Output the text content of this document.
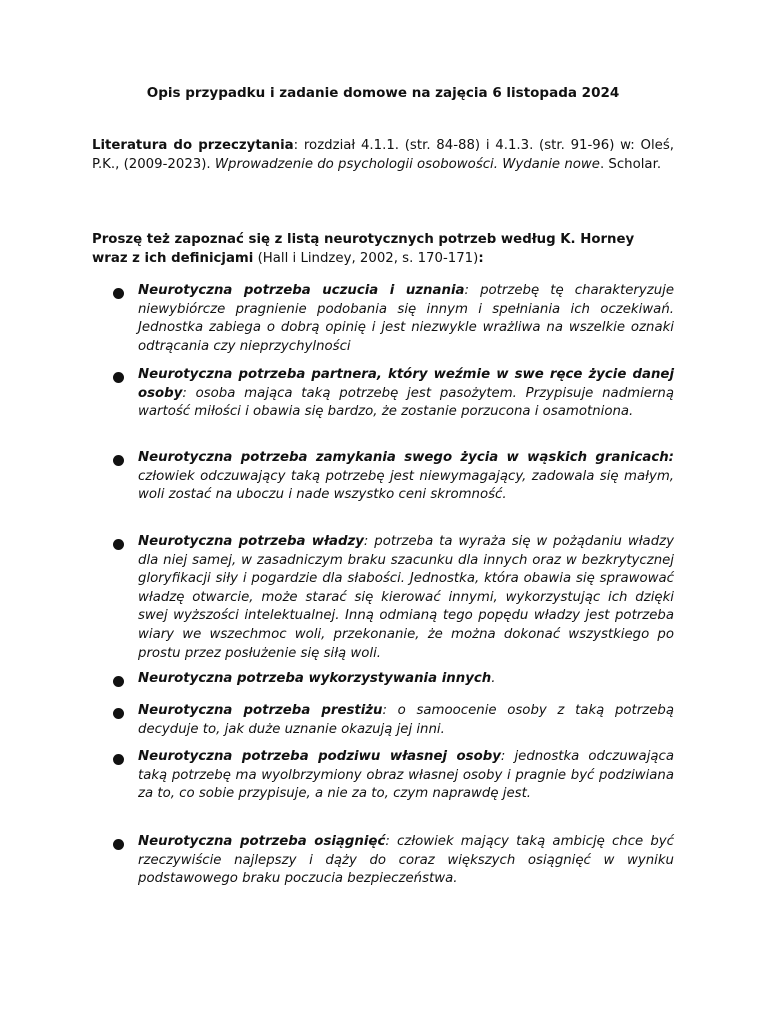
Opis przypadku i zadanie domowe na zajęcia 6 listopada 2024
Literatura do przeczytania: rozdział 4.1.1. (str. 84-88) i 4.1.3. (str. 91-96) w: Oleś, P.K., (2009-2023). Wprowadzenie do psychologii osobowości. Wydanie nowe. Scholar.
Proszę też zapoznać się z listą neurotycznych potrzeb według K. Horney wraz z ich definicjami (Hall i Lindzey, 2002, s. 170-171):
Neurotyczna potrzeba uczucia i uznania: potrzebę tę charakteryzuje niewybiórcze pragnienie podobania się innym i spełniania ich oczekiwań. Jednostka zabiega o dobrą opinię i jest niezwykle wrażliwa na wszelkie oznaki odtrącania czy nieprzychylności
Neurotyczna potrzeba partnera, który weźmie w swe ręce życie danej osoby: osoba mająca taką potrzebę jest pasożytem. Przypisuje nadmierną wartość miłości i obawia się bardzo, że zostanie porzucona i osamotniona.
Neurotyczna potrzeba zamykania swego życia w wąskich granicach: człowiek odczuwający taką potrzebę jest niewymagający, zadowala się małym, woli zostać na uboczu i nade wszystko ceni skromność.
Neurotyczna potrzeba władzy: potrzeba ta wyraża się w pożądaniu władzy dla niej samej, w zasadniczym braku szacunku dla innych oraz w bezkrytycznej gloryfikacji siły i pogardzie dla słabości. Jednostka, która obawia się sprawować władzę otwarcie, może starać się kierować innymi, wykorzystując ich dzięki swej wyższości intelektualnej. Inną odmianą tego popędu władzy jest potrzeba wiary we wszechmoc woli, przekonanie, że można dokonać wszystkiego po prostu przez posłużenie się siłą woli.
Neurotyczna potrzeba wykorzystywania innych.
Neurotyczna potrzeba prestiżu: o samoocenie osoby z taką potrzebą decyduje to, jak duże uznanie okazują jej inni.
Neurotyczna potrzeba podziwu własnej osoby: jednostka odczuwająca taką potrzebę ma wyolbrzymiony obraz własnej osoby i pragnie być podziwiana za to, co sobie przypisuje, a nie za to, czym naprawdę jest.
Neurotyczna potrzeba osiągnięć: człowiek mający taką ambicję chce być rzeczywiście najlepszy i dąży do coraz większych osiągnięć w wyniku podstawowego braku poczucia bezpieczeństwa.
